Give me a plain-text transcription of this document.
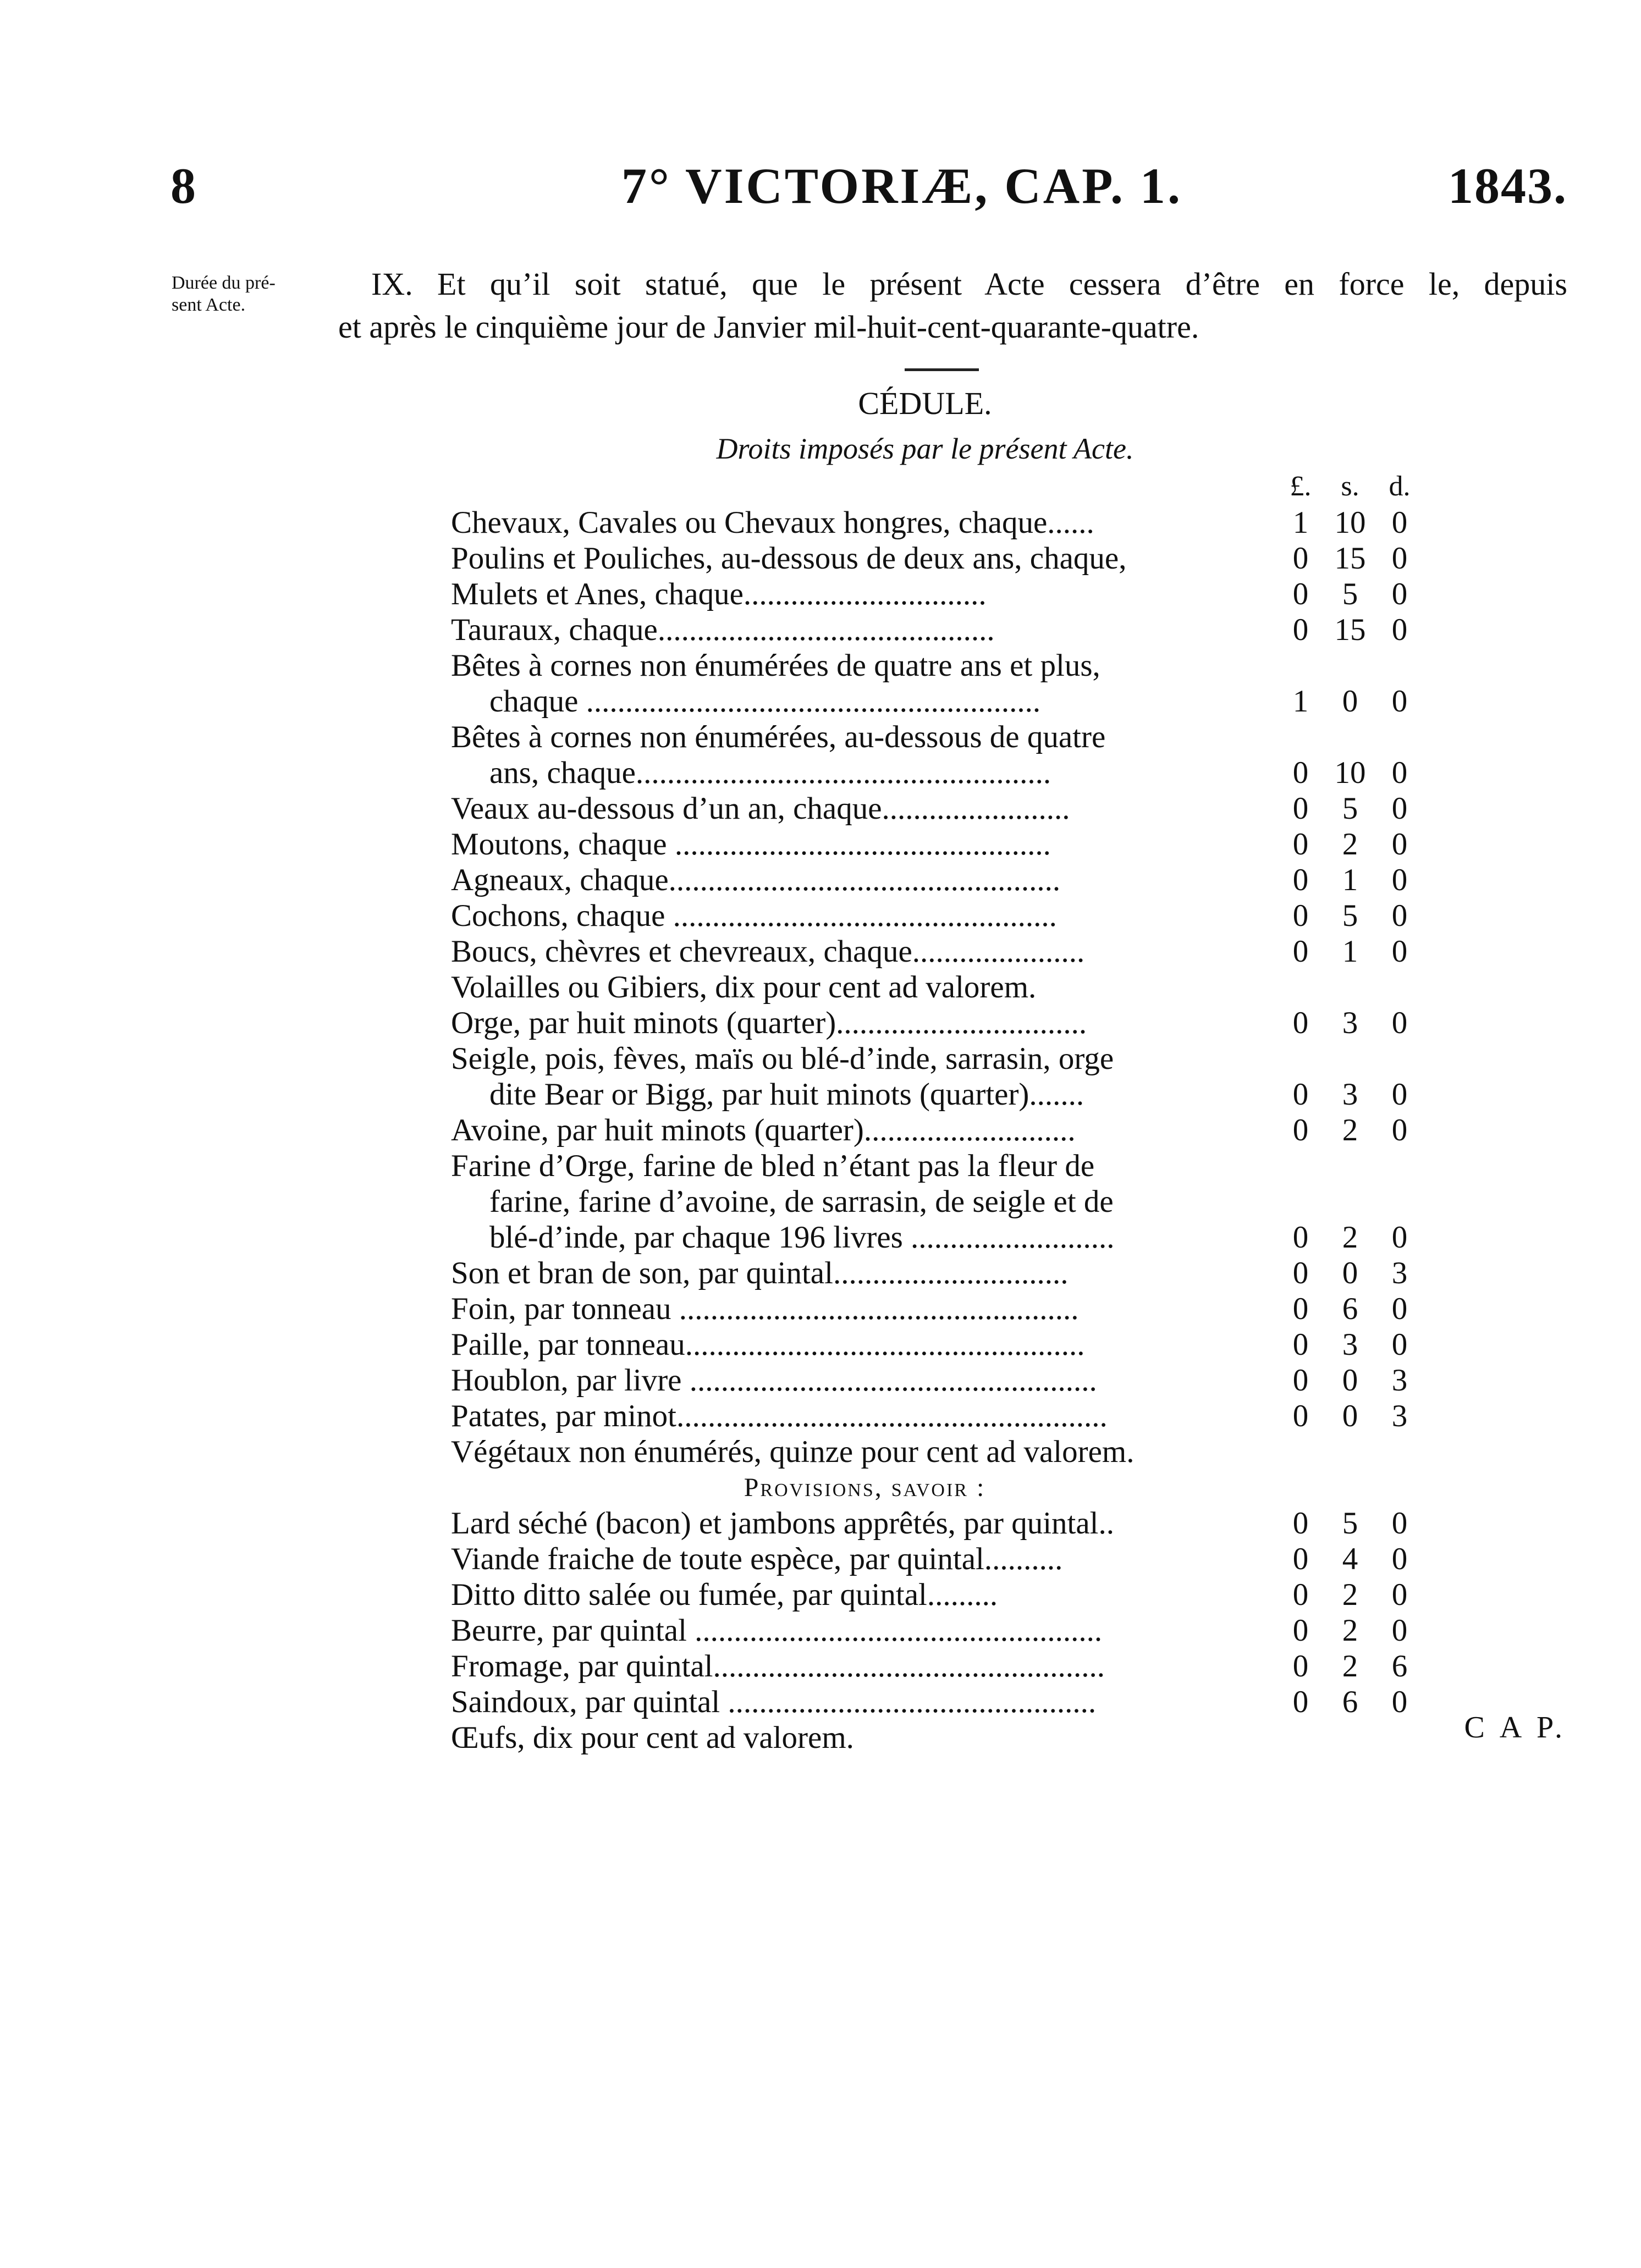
8	7° VICTORIÆ, CAP. 1.	1843.
Durée du pré-
sent Acte.
IX. Et qu’il soit statué, que le présent Acte cessera d’être en force le, depuis
et après le cinquième jour de Janvier mil-huit-cent-quarante-quatre.
CÉDULE.
Droits imposés par le présent Acte.
£.	s.	d.
Chevaux, Cavales ou Chevaux hongres, chaque......	1 10 0
Poulins et Pouliches, au-dessous de deux ans, chaque,	0 15 0
Mulets et Anes, chaque...............................	0	5	0
Tauraux, chaque...........................................	0 15 0
Bêtes à cornes non énumérées de quatre ans et plus,
chaque ..........................................................	1	0	0
Bêtes à cornes non énumérées, au-dessous de quatre
ans, chaque.....................................................	0 10 0
Veaux au-dessous d’un an, chaque........................	0	5	0
Moutons, chaque ................................................	0	2	0
Agneaux, chaque..................................................	0	1	0
Cochons, chaque .................................................	0	5	0
Boucs, chèvres et chevreaux, chaque......................	0	1	0
Volailles ou Gibiers, dix pour cent ad valorem.
Orge, par huit minots (quarter)................................	0	3	0
Seigle, pois, fèves, maïs ou blé-d’inde, sarrasin, orge
dite Bear or Bigg, par huit minots (quarter).......	0	3	0
Avoine, par huit minots (quarter)...........................	0	2	0
Farine d’Orge, farine de bled n’étant pas la fleur de
farine, farine d’avoine, de sarrasin, de seigle et de
blé-d’inde, par chaque 196 livres ..........................	0	2	0
Son et bran de son, par quintal..............................	0	0	3
Foin, par tonneau ...................................................	0	6	0
Paille, par tonneau...................................................	0	3	0
Houblon, par livre ....................................................	0	0	3
Patates, par minot.......................................................	0	0	3
Végétaux non énumérés, quinze pour cent ad valorem.
Provisions, savoir :
Lard séché (bacon) et jambons apprêtés, par quintal..	0	5	0
Viande fraiche de toute espèce, par quintal..........	0	4	0
Ditto ditto salée ou fumée, par quintal.........	0	2	0
Beurre, par quintal ....................................................	0	2	0
Fromage, par quintal..................................................	0	2	6
Saindoux, par quintal ...............................................	0	6	0
Œufs, dix pour cent ad valorem.	C A P.
